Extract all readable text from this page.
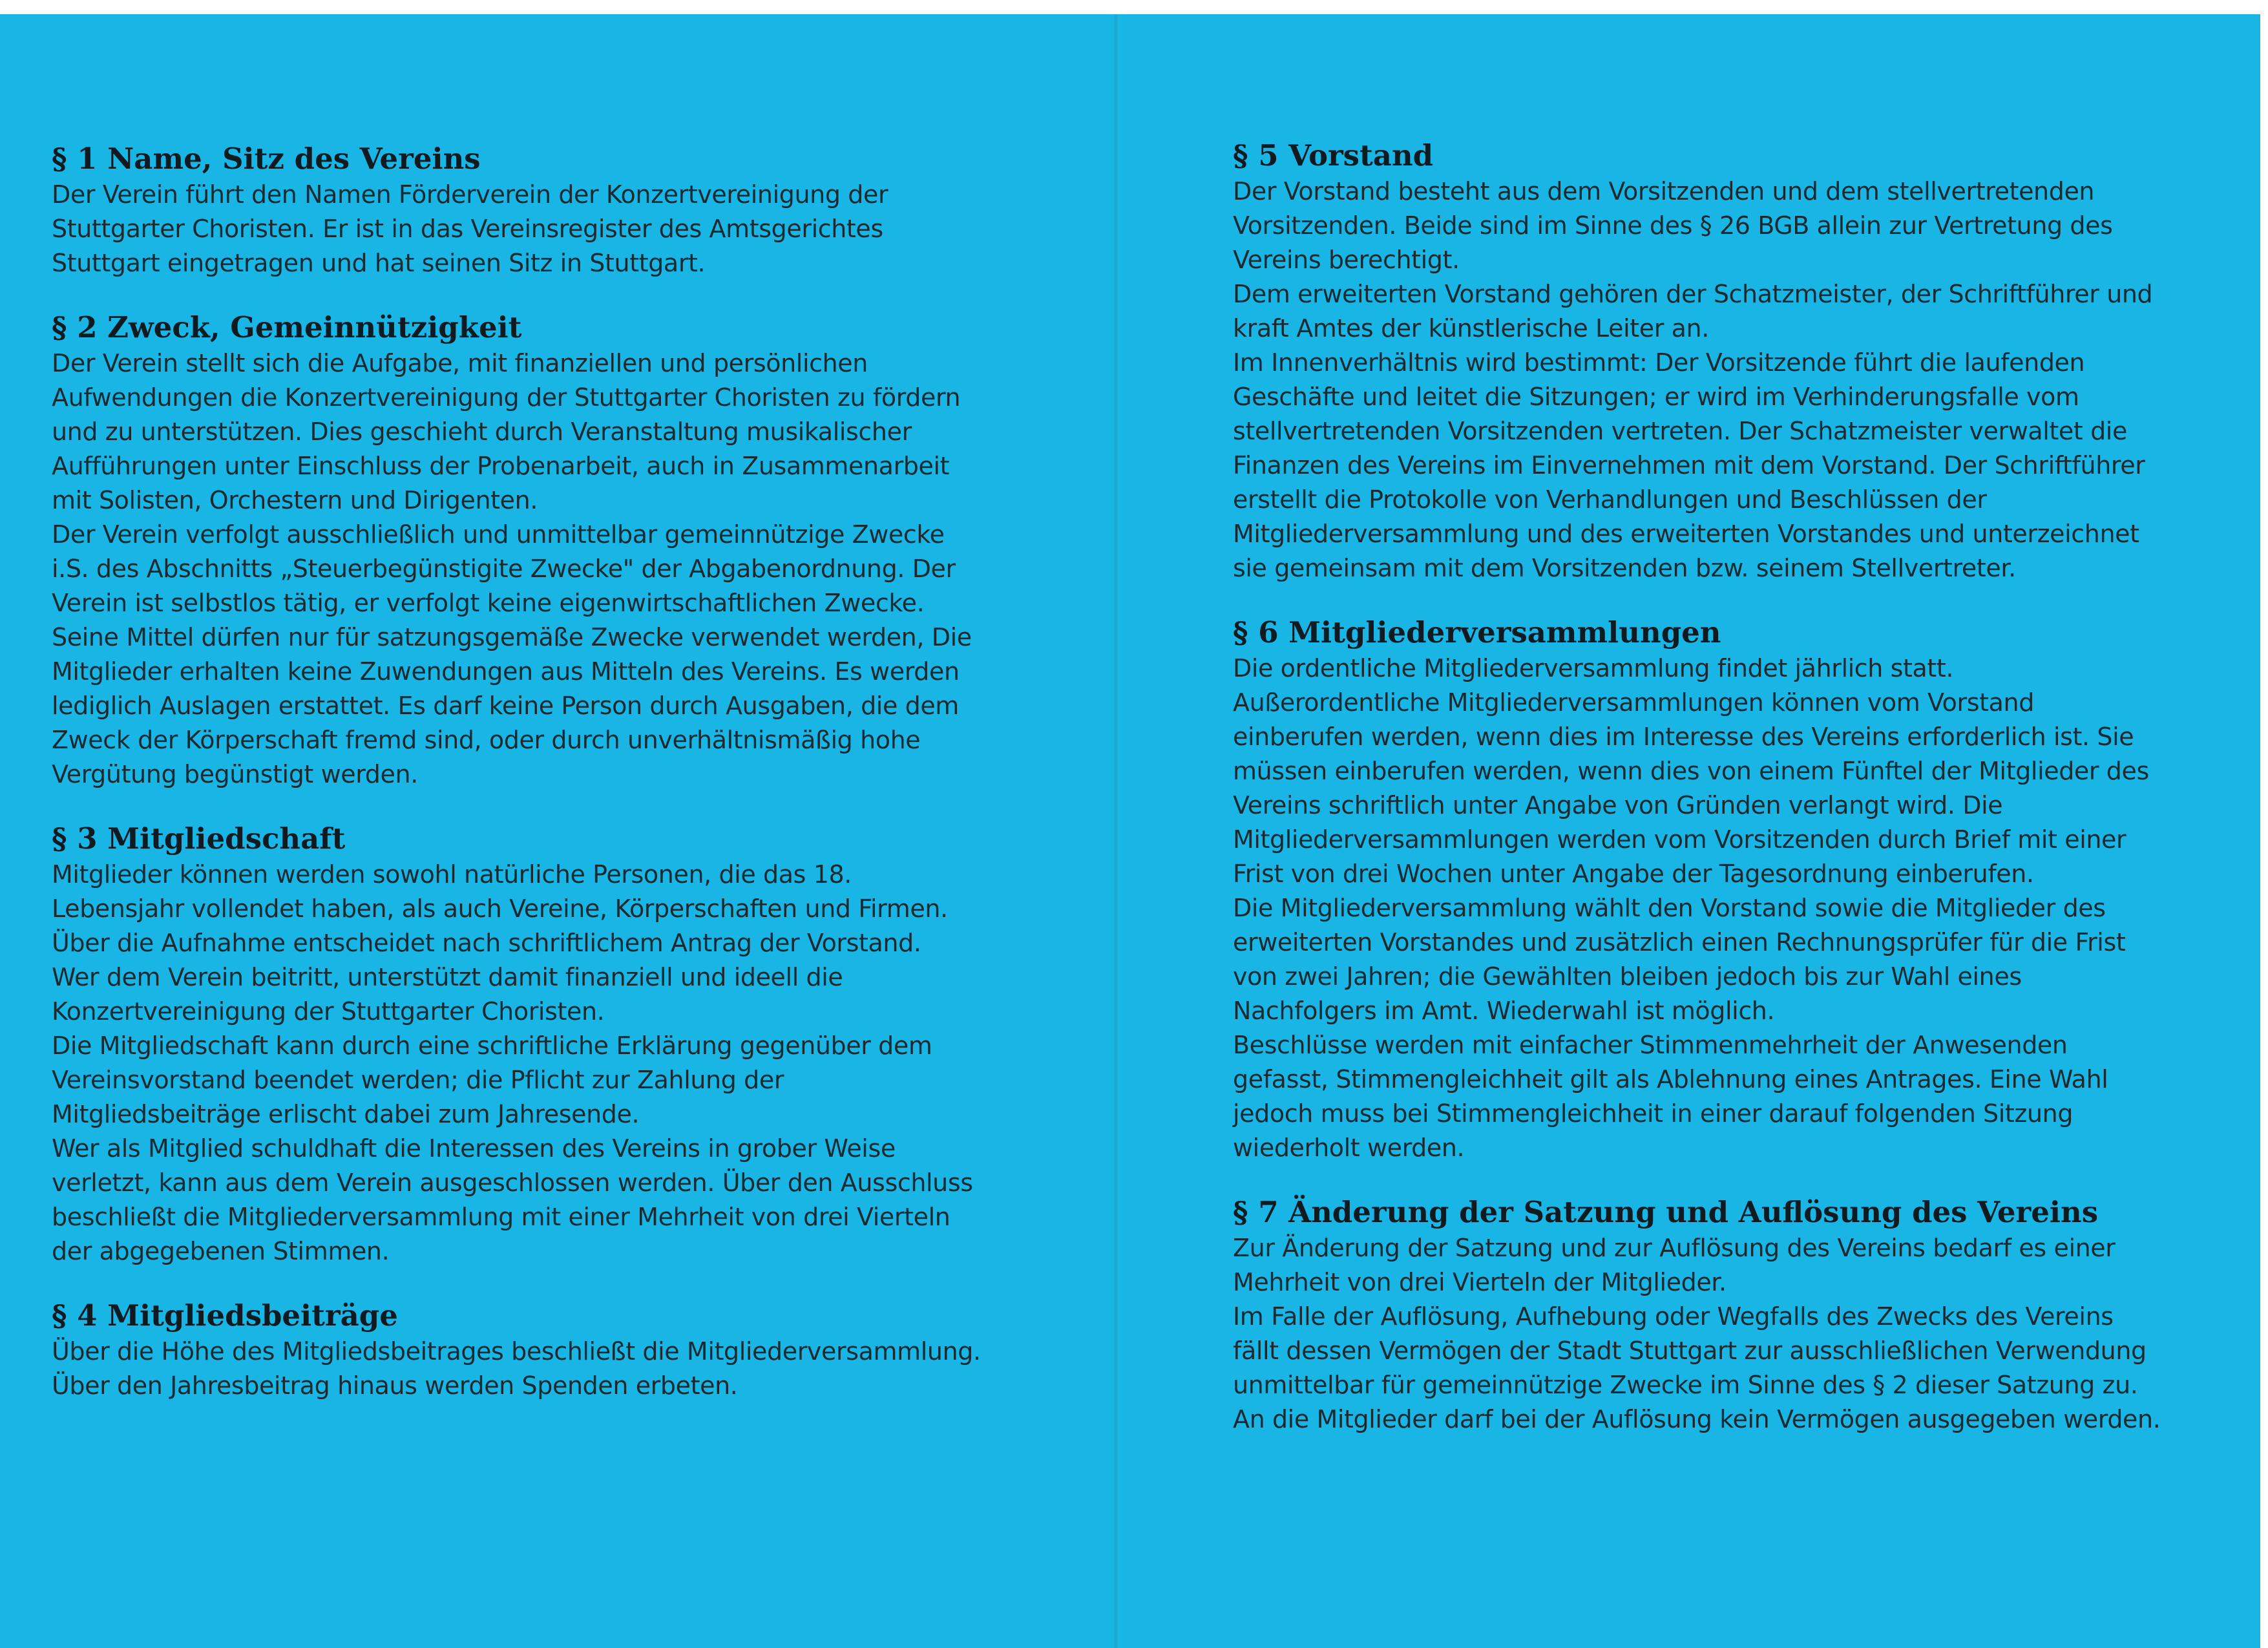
§ 1 Name, Sitz des Vereins

Der Verein führt den Namen Förderverein der Konzertvereinigung der Stuttgarter Choristen. Er ist in das Vereinsregister des Amtsgerichtes Stuttgart eingetragen und hat seinen Sitz in Stuttgart.

§ 2 Zweck, Gemeinnützigkeit

Der Verein stellt sich die Aufgabe, mit finanziellen und persönlichen Aufwendungen die Konzertvereinigung der Stuttgarter Choristen zu fördern und zu unterstützen. Dies geschieht durch Veranstaltung musikalischer Aufführungen unter Einschluss der Probenarbeit, auch in Zusammenarbeit mit Solisten, Orchestern und Dirigenten.

Der Verein verfolgt ausschließlich und unmittelbar gemeinnützige Zwecke i.S. des Abschnitts „Steuerbegünstigite Zwecke" der Abgabenordnung. Der Verein ist selbstlos tätig, er verfolgt keine eigenwirtschaftlichen Zwecke. Seine Mittel dürfen nur für satzungsgemäße Zwecke verwendet werden, Die Mitglieder erhalten keine Zuwendungen aus Mitteln des Vereins. Es werden lediglich Auslagen erstattet. Es darf keine Person durch Ausgaben, die dem Zweck der Körperschaft fremd sind, oder durch unverhältnismäßig hohe Vergütung begünstigt werden.

§ 3 Mitgliedschaft

Mitglieder können werden sowohl natürliche Personen, die das 18. Lebensjahr vollendet haben, als auch Vereine, Körperschaften und Firmen.

Über die Aufnahme entscheidet nach schriftlichem Antrag der Vorstand.

Wer dem Verein beitritt, unterstützt damit finanziell und ideell die Konzertvereinigung der Stuttgarter Choristen.

Die Mitgliedschaft kann durch eine schriftliche Erklärung gegenüber dem Vereinsvorstand beendet werden; die Pflicht zur Zahlung der Mitgliedsbeiträge erlischt dabei zum Jahresende.

Wer als Mitglied schuldhaft die Interessen des Vereins in grober Weise verletzt, kann aus dem Verein ausgeschlossen werden. Über den Ausschluss beschließt die Mitgliederversammlung mit einer Mehrheit von drei Vierteln der abgegebenen Stimmen.

§ 4 Mitgliedsbeiträge

Über die Höhe des Mitgliedsbeitrages beschließt die Mitgliederversammlung. Über den Jahresbeitrag hinaus werden Spenden erbeten.

§ 5 Vorstand

Der Vorstand besteht aus dem Vorsitzenden und dem stellvertretenden Vorsitzenden. Beide sind im Sinne des § 26 BGB allein zur Vertretung des Vereins berechtigt.

Dem erweiterten Vorstand gehören der Schatzmeister, der Schriftführer und kraft Amtes der künstlerische Leiter an.

Im Innenverhältnis wird bestimmt: Der Vorsitzende führt die laufenden Geschäfte und leitet die Sitzungen; er wird im Verhinderungsfalle vom stellvertretenden Vorsitzenden vertreten. Der Schatzmeister verwaltet die Finanzen des Vereins im Einvernehmen mit dem Vorstand. Der Schriftführer erstellt die Protokolle von Verhandlungen und Beschlüssen der Mitgliederversammlung und des erweiterten Vorstandes und unterzeichnet sie gemeinsam mit dem Vorsitzenden bzw. seinem Stellvertreter.

§ 6 Mitgliederversammlungen

Die ordentliche Mitgliederversammlung findet jährlich statt. Außerordentliche Mitgliederversammlungen können vom Vorstand einberufen werden, wenn dies im Interesse des Vereins erforderlich ist. Sie müssen einberufen werden, wenn dies von einem Fünftel der Mitglieder des Vereins schriftlich unter Angabe von Gründen verlangt wird. Die Mitgliederversammlungen werden vom Vorsitzenden durch Brief mit einer Frist von drei Wochen unter Angabe der Tagesordnung einberufen.

Die Mitgliederversammlung wählt den Vorstand sowie die Mitglieder des erweiterten Vorstandes und zusätzlich einen Rechnungsprüfer für die Frist von zwei Jahren; die Gewählten bleiben jedoch bis zur Wahl eines Nachfolgers im Amt. Wiederwahl ist möglich.

Beschlüsse werden mit einfacher Stimmenmehrheit der Anwesenden gefasst, Stimmengleichheit gilt als Ablehnung eines Antrages. Eine Wahl jedoch muss bei Stimmengleichheit in einer darauf folgenden Sitzung wiederholt werden.

§ 7 Änderung der Satzung und Auflösung des Vereins

Zur Änderung der Satzung und zur Auflösung des Vereins bedarf es einer Mehrheit von drei Vierteln der Mitglieder.

Im Falle der Auflösung, Aufhebung oder Wegfalls des Zwecks des Vereins fällt dessen Vermögen der Stadt Stuttgart zur ausschließlichen Verwendung unmittelbar für gemeinnützige Zwecke im Sinne des § 2 dieser Satzung zu. An die Mitglieder darf bei der Auflösung kein Vermögen ausgegeben werden.
